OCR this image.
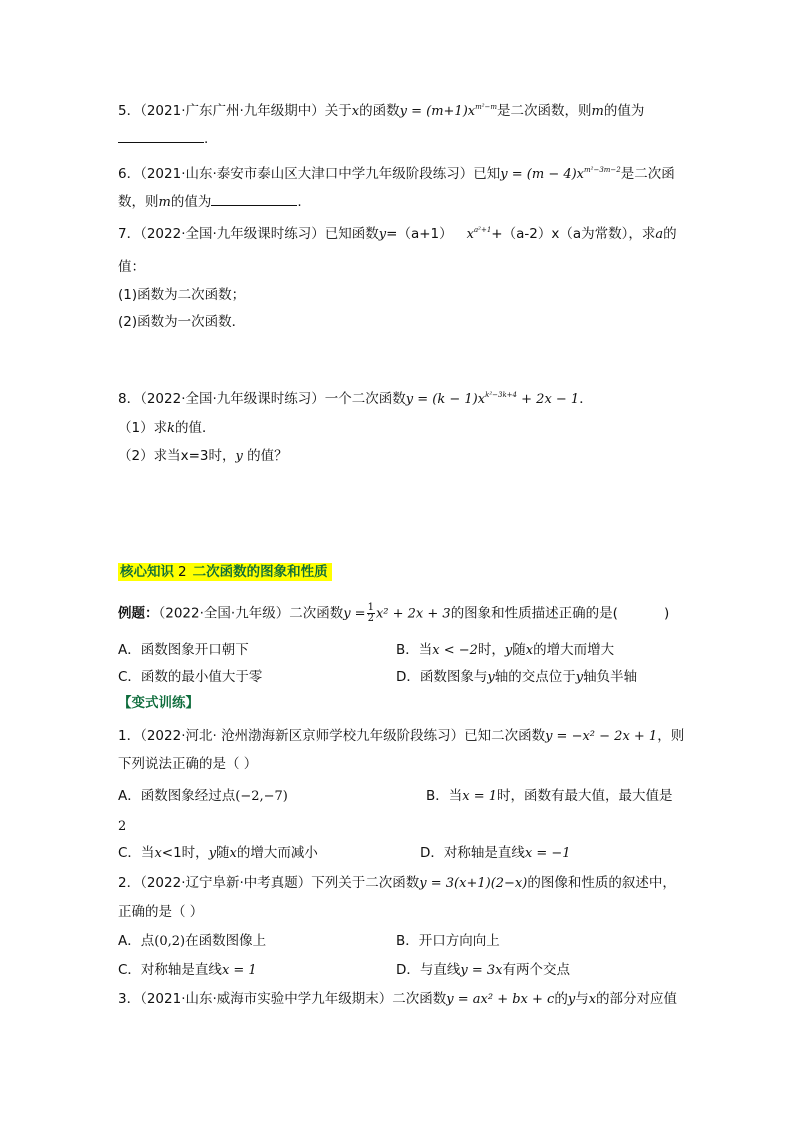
5．（2021·广东广州·九年级期中）关于x的函数$y = (m+1)x^{m^2-m}$是二次函数，则m的值为
.
6．（2021·山东·泰安市泰山区大津口中学九年级阶段练习）已知$y = (m - 4)x^{m^2-3m-2}$是二次函
数，则m的值为	.
7．（2022·全国·九年级课时练习）已知函数y=（a+1） $x^{a^2+1}+(a-2)x(a$为常数），求a的
值：
(1)函数为二次函数；
(2)函数为一次函数．
8．（2022·全国·九年级课时练习）一个二次函数$y = (k - 1)x^{k^2-3k+4} + 2x - 1$．
（1）求k的值．
（2）求当x=3时，y 的值？
核心知识 2 二次函数的图象和性质
例题：（2022·全国·九年级）二次函数$y = \frac{1}{2} x^2 + 2x + 3$的图象和性质描述正确的是(	)
A．函数图象开口朝下	B．当x < −2时，y随x的增大而增大
C．函数的最小值大于零	D．函数图象与y轴的交点位于y轴负半轴
【变式训练】
1．（2022·河北· 沧州渤海新区京师学校九年级阶段练习）已知二次函数y = −x² − 2x + 1，则
下列说法正确的是（ ）
A．函数图象经过点(−2,−7)	B．当x = 1时，函数有最大值，最大值是
2
C．当x<1时，y随x的增大而减小	D．对称轴是直线x = −1
2．（2022·辽宁阜新·中考真题）下列关于二次函数y = 3(x+1)(2−x)的图像和性质的叙述中，
正确的是（ ）
A．点(0,2)在函数图像上	B．开口方向向上
C．对称轴是直线x = 1	D．与直线y = 3x有两个交点
3．（2021·山东·威海市实验中学九年级期末）二次函数y = ax² + bx + c的y与x的部分对应值
